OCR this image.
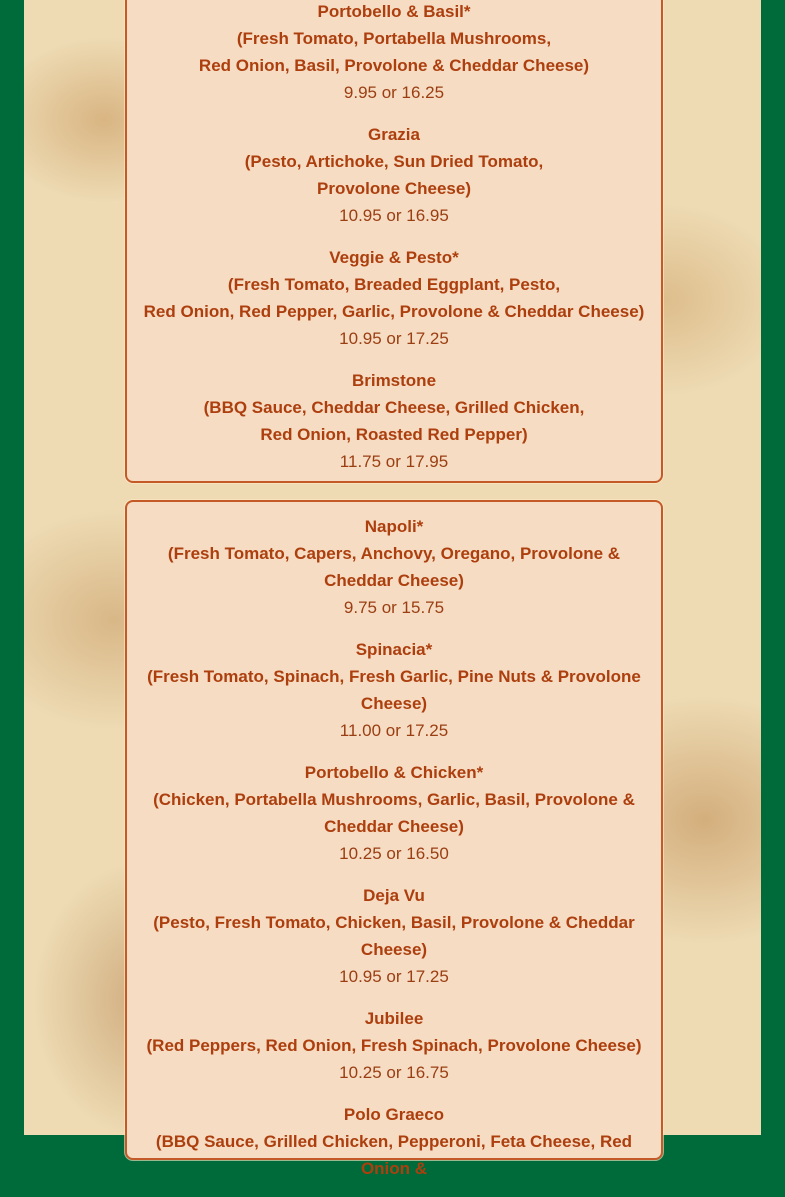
Portobello & Basil*
(Fresh Tomato, Portabella Mushrooms,
Red Onion, Basil, Provolone & Cheddar Cheese)
9.95 or 16.25
Grazia
(Pesto, Artichoke, Sun Dried Tomato,
Provolone Cheese)
10.95 or 16.95
Veggie & Pesto*
(Fresh Tomato, Breaded Eggplant, Pesto,
Red Onion, Red Pepper, Garlic, Provolone & Cheddar Cheese)
10.95 or 17.25
Brimstone
(BBQ Sauce, Cheddar Cheese, Grilled Chicken,
Red Onion, Roasted Red Pepper)
11.75 or 17.95
Napoli*
(Fresh Tomato, Capers, Anchovy, Oregano, Provolone & Cheddar Cheese)
9.75 or 15.75
Spinacia*
(Fresh Tomato, Spinach, Fresh Garlic, Pine Nuts & Provolone Cheese)
11.00 or 17.25
Portobello & Chicken*
(Chicken, Portabella Mushrooms, Garlic, Basil, Provolone & Cheddar Cheese)
10.25 or 16.50
Deja Vu
(Pesto, Fresh Tomato, Chicken, Basil, Provolone & Cheddar Cheese)
10.95 or 17.25
Jubilee
(Red Peppers, Red Onion, Fresh Spinach, Provolone Cheese)
10.25 or 16.75
Polo Graeco
(BBQ Sauce, Grilled Chicken, Pepperoni, Feta Cheese, Red Onion &
